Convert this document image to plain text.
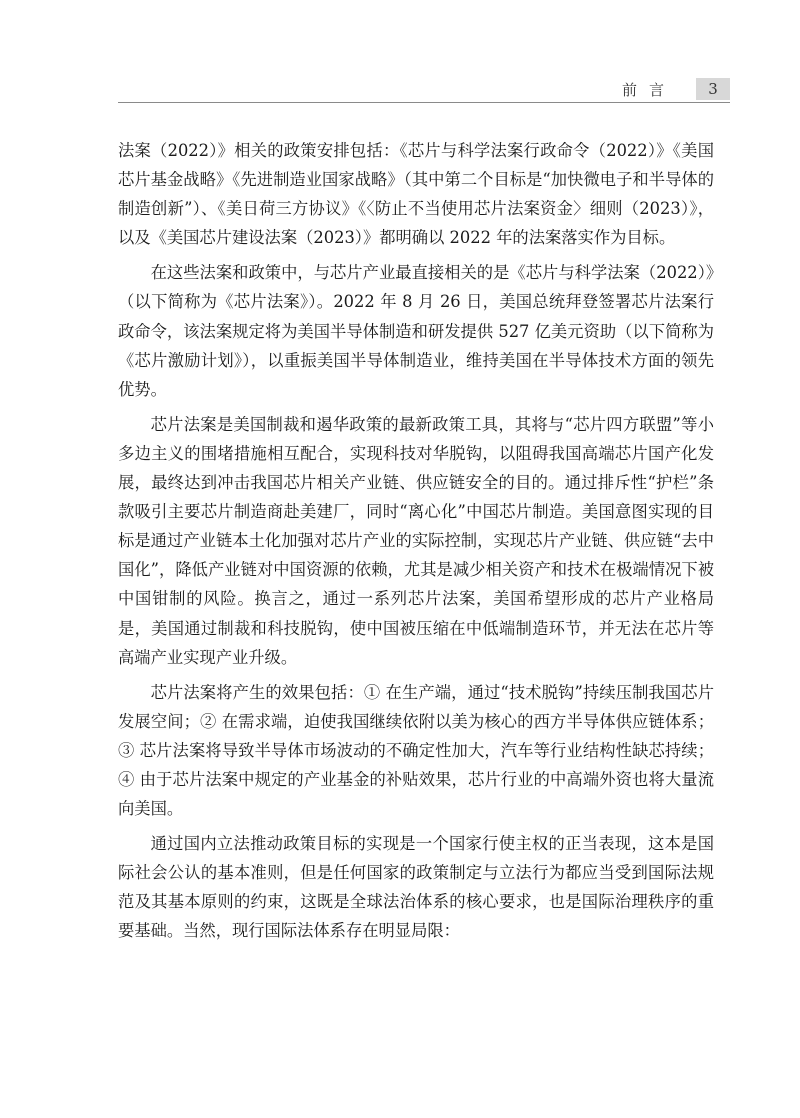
前言	3

法案（2022）》相关的政策安排包括：《芯片与科学法案行政命令（2022）》《美国芯片基金战略》《先进制造业国家战略》（其中第二个目标是“加快微电子和半导体的制造创新”）、《美日荷三方协议》《〈防止不当使用芯片法案资金〉细则（2023）》，以及《美国芯片建设法案（2023）》都明确以 2022 年的法案落实作为目标。

在这些法案和政策中，与芯片产业最直接相关的是《芯片与科学法案（2022）》（以下简称为《芯片法案》）。2022 年 8 月 26 日，美国总统拜登签署芯片法案行政命令，该法案规定将为美国半导体制造和研发提供 527 亿美元资助（以下简称为《芯片激励计划》），以重振美国半导体制造业，维持美国在半导体技术方面的领先优势。

芯片法案是美国制裁和遏华政策的最新政策工具，其将与“芯片四方联盟”等小多边主义的围堵措施相互配合，实现科技对华脱钩，以阻碍我国高端芯片国产化发展，最终达到冲击我国芯片相关产业链、供应链安全的目的。通过排斥性“护栏”条款吸引主要芯片制造商赴美建厂，同时“离心化”中国芯片制造。美国意图实现的目标是通过产业链本土化加强对芯片产业的实际控制，实现芯片产业链、供应链“去中国化”，降低产业链对中国资源的依赖，尤其是减少相关资产和技术在极端情况下被中国钳制的风险。换言之，通过一系列芯片法案，美国希望形成的芯片产业格局是，美国通过制裁和科技脱钩，使中国被压缩在中低端制造环节，并无法在芯片等高端产业实现产业升级。

芯片法案将产生的效果包括：① 在生产端，通过“技术脱钩”持续压制我国芯片发展空间；② 在需求端，迫使我国继续依附以美为核心的西方半导体供应链体系；③ 芯片法案将导致半导体市场波动的不确定性加大，汽车等行业结构性缺芯持续；④ 由于芯片法案中规定的产业基金的补贴效果，芯片行业的中高端外资也将大量流向美国。

通过国内立法推动政策目标的实现是一个国家行使主权的正当表现，这本是国际社会公认的基本准则，但是任何国家的政策制定与立法行为都应当受到国际法规范及其基本原则的约束，这既是全球法治体系的核心要求，也是国际治理秩序的重要基础。当然，现行国际法体系存在明显局限：
